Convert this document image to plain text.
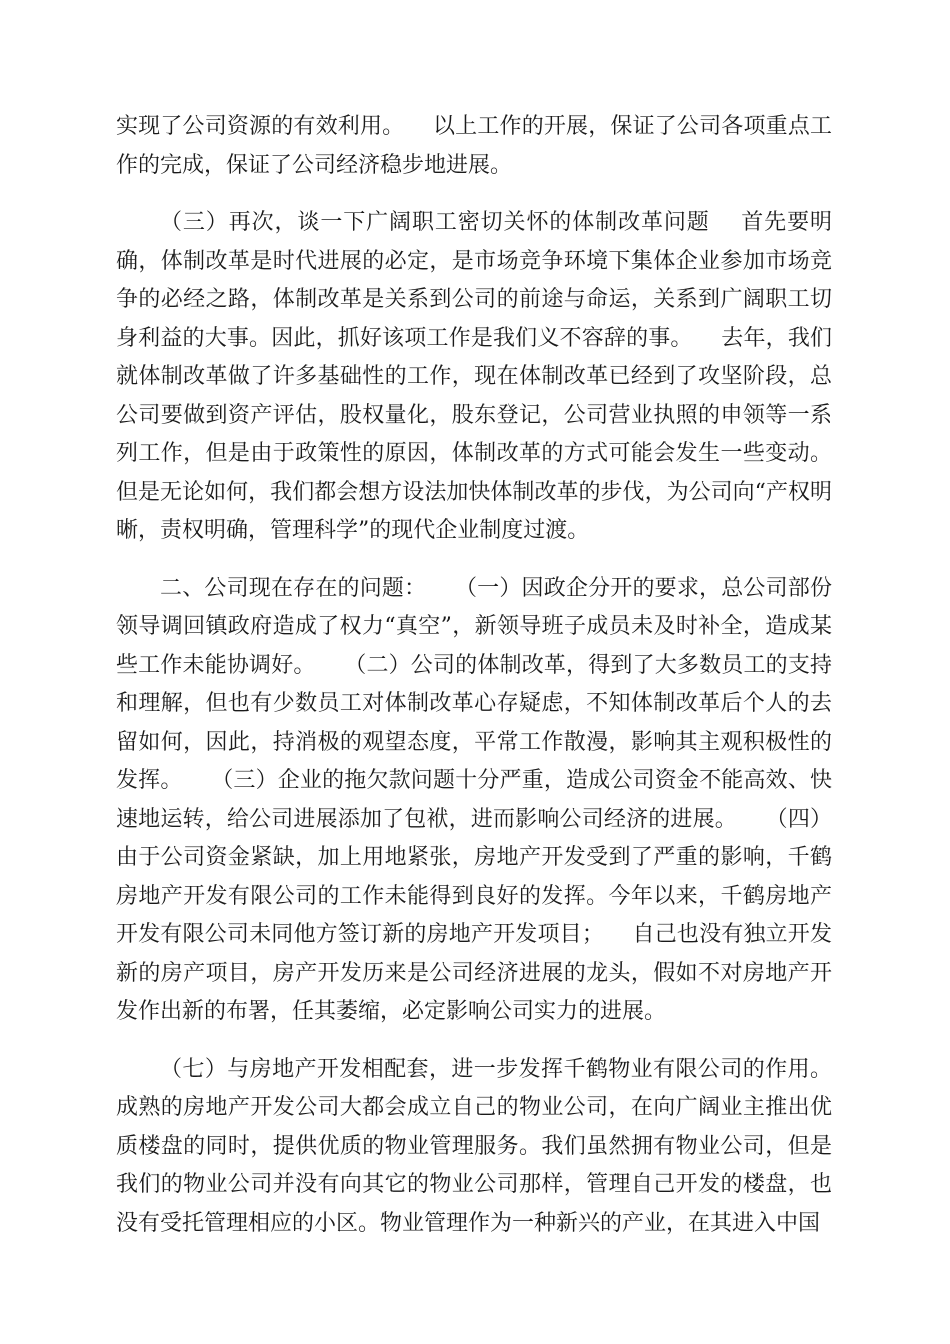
实现了公司资源的有效利用。    以上工作的开展，保证了公司各项重点工作的完成，保证了公司经济稳步地进展。

（三）再次，谈一下广阔职工密切关怀的体制改革问题    首先要明确，体制改革是时代进展的必定，是市场竞争环境下集体企业参加市场竞争的必经之路，体制改革是关系到公司的前途与命运，关系到广阔职工切身利益的大事。因此，抓好该项工作是我们义不容辞的事。    去年，我们就体制改革做了许多基础性的工作，现在体制改革已经到了攻坚阶段，总公司要做到资产评估，股权量化，股东登记，公司营业执照的申领等一系列工作，但是由于政策性的原因，体制改革的方式可能会发生一些变动。但是无论如何，我们都会想方设法加快体制改革的步伐，为公司向“产权明晰，责权明确，管理科学”的现代企业制度过渡。

二、公司现在存在的问题：    （一）因政企分开的要求，总公司部份领导调回镇政府造成了权力“真空”，新领导班子成员未及时补全，造成某些工作未能协调好。    （二）公司的体制改革，得到了大多数员工的支持和理解，但也有少数员工对体制改革心存疑虑，不知体制改革后个人的去留如何，因此，持消极的观望态度，平常工作散漫，影响其主观积极性的发挥。    （三）企业的拖欠款问题十分严重，造成公司资金不能高效、快速地运转，给公司进展添加了包袱，进而影响公司经济的进展。    （四）由于公司资金紧缺，加上用地紧张，房地产开发受到了严重的影响，千鹤房地产开发有限公司的工作未能得到良好的发挥。今年以来，千鹤房地产开发有限公司未同他方签订新的房地产开发项目；    自己也没有独立开发新的房产项目，房产开发历来是公司经济进展的龙头，假如不对房地产开发作出新的布署，任其萎缩，必定影响公司实力的进展。

（七）与房地产开发相配套，进一步发挥千鹤物业有限公司的作用。成熟的房地产开发公司大都会成立自己的物业公司，在向广阔业主推出优质楼盘的同时，提供优质的物业管理服务。我们虽然拥有物业公司，但是我们的物业公司并没有向其它的物业公司那样，管理自己开发的楼盘，也没有受托管理相应的小区。物业管理作为一种新兴的产业，在其进入中国
